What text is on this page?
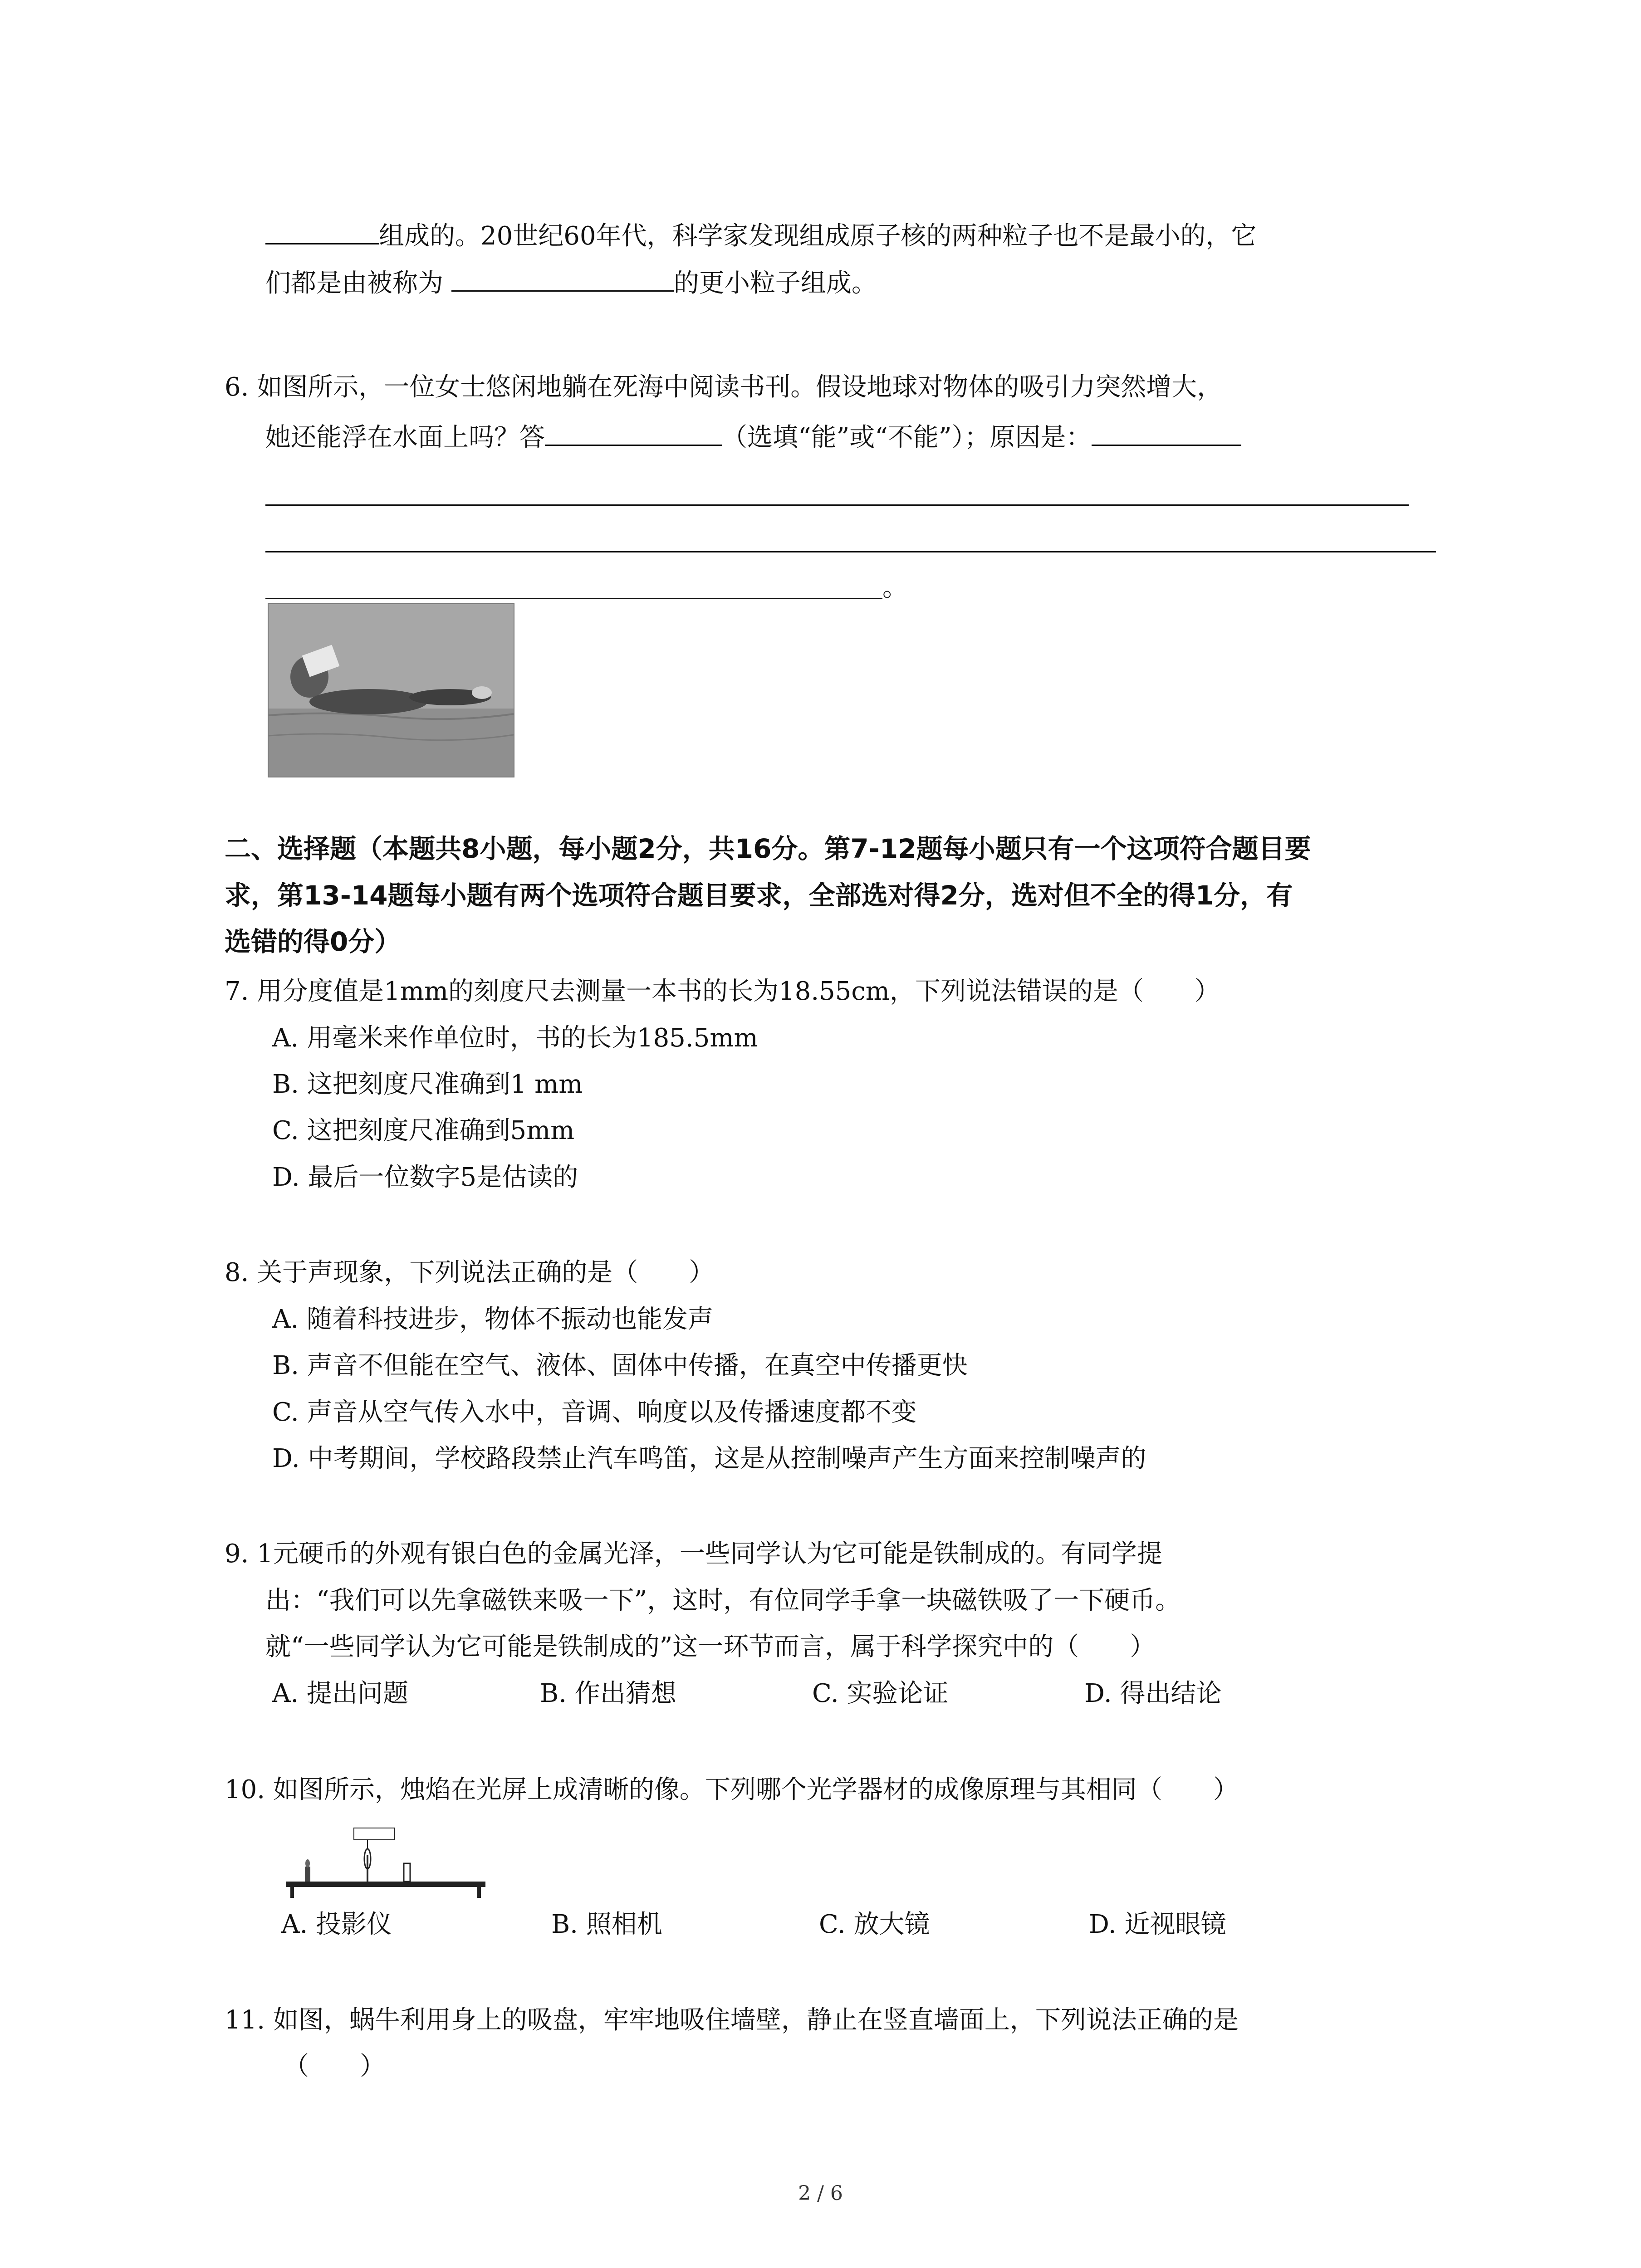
组成的。20世纪60年代，科学家发现组成原子核的两种粒子也不是最小的，它
们都是由被称为	的更小粒子组成。
6. 如图所示，一位女士悠闲地躺在死海中阅读书刊。假设地球对物体的吸引力突然增大，
她还能浮在水面上吗？答	（选填“能”或“不能”）；原因是：
。
二、选择题（本题共8小题，每小题2分，共16分。第7-12题每小题只有一个这项符合题目要
求，第13-14题每小题有两个选项符合题目要求，全部选对得2分，选对但不全的得1分，有
选错的得0分）
7. 用分度值是1mm的刻度尺去测量一本书的长为18.55cm，下列说法错误的是（　　）
A. 用毫米来作单位时，书的长为185.5mm
B. 这把刻度尺准确到1 mm
C. 这把刻度尺准确到5mm
D. 最后一位数字5是估读的
8. 关于声现象，下列说法正确的是（　　）
A. 随着科技进步，物体不振动也能发声
B. 声音不但能在空气、液体、固体中传播，在真空中传播更快
C. 声音从空气传入水中，音调、响度以及传播速度都不变
D. 中考期间，学校路段禁止汽车鸣笛，这是从控制噪声产生方面来控制噪声的
9. 1元硬币的外观有银白色的金属光泽，一些同学认为它可能是铁制成的。有同学提
出：“我们可以先拿磁铁来吸一下”，这时，有位同学手拿一块磁铁吸了一下硬币。
就“一些同学认为它可能是铁制成的”这一环节而言，属于科学探究中的（　　）
A. 提出问题	B. 作出猜想	C. 实验论证	D. 得出结论
10. 如图所示，烛焰在光屏上成清晰的像。下列哪个光学器材的成像原理与其相同（　　）
A. 投影仪	B. 照相机	C. 放大镜	D. 近视眼镜
11. 如图，蜗牛利用身上的吸盘，牢牢地吸住墙壁，静止在竖直墙面上，下列说法正确的是
（　　）
2 / 6
